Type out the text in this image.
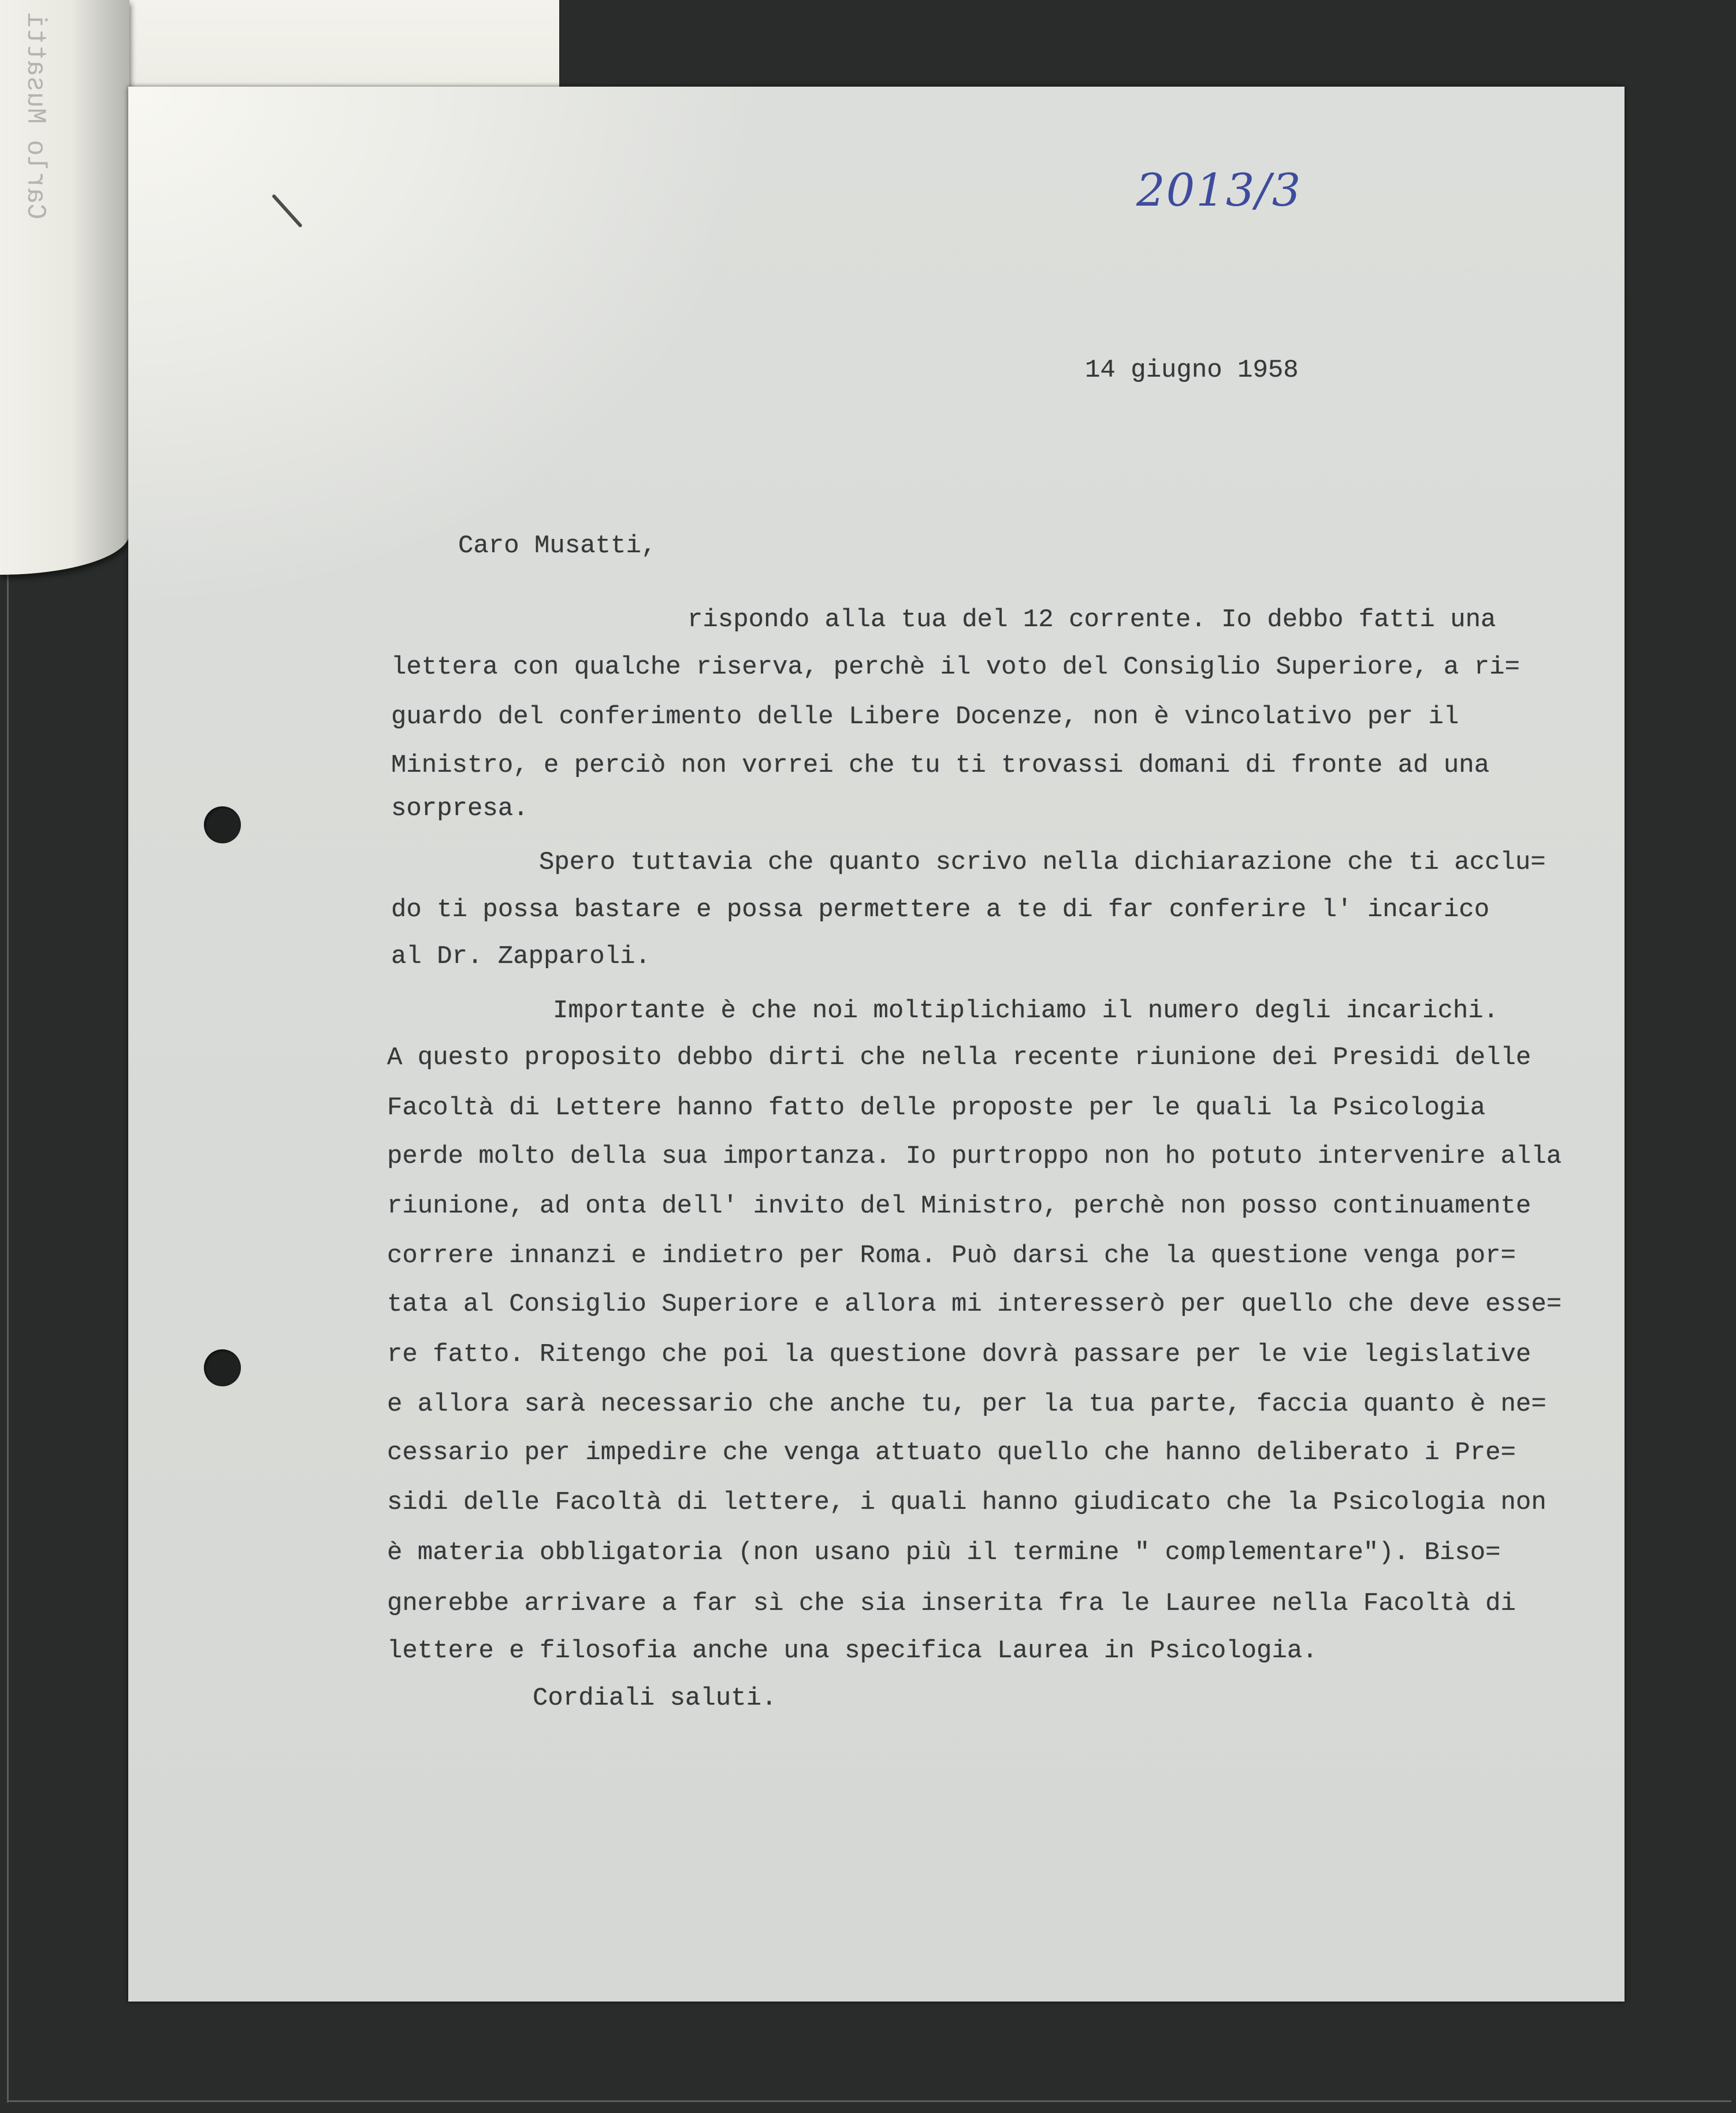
Carlo Musatti	2013/3
14 giugno 1958
Caro Musatti,
rispondo alla tua del 12 corrente. Io debbo fatti una
lettera con qualche riserva, perchè il voto del Consiglio Superiore, a ri=
guardo del conferimento delle Libere Docenze, non è vincolativo per il
Ministro, e perciò non vorrei che tu ti trovassi domani di fronte ad una
sorpresa.
Spero tuttavia che quanto scrivo nella dichiarazione che ti acclu=
do ti possa bastare e possa permettere a te di far conferire l' incarico
al Dr. Zapparoli.
Importante è che noi moltiplichiamo il numero degli incarichi.
A questo proposito debbo dirti che nella recente riunione dei Presidi delle
Facoltà di Lettere hanno fatto delle proposte per le quali la Psicologia
perde molto della sua importanza. Io purtroppo non ho potuto intervenire alla
riunione, ad onta dell' invito del Ministro, perchè non posso continuamente
correre innanzi e indietro per Roma. Può darsi che la questione venga por=
tata al Consiglio Superiore e allora mi interesserò per quello che deve esse=
re fatto. Ritengo che poi la questione dovrà passare per le vie legislative
e allora sarà necessario che anche tu, per la tua parte, faccia quanto è ne=
cessario per impedire che venga attuato quello che hanno deliberato i Pre=
sidi delle Facoltà di lettere, i quali hanno giudicato che la Psicologia non
è materia obbligatoria (non usano più il termine " complementare"). Biso=
gnerebbe arrivare a far sì che sia inserita fra le Lauree nella Facoltà di
lettere e filosofia anche una specifica Laurea in Psicologia.
Cordiali saluti.
